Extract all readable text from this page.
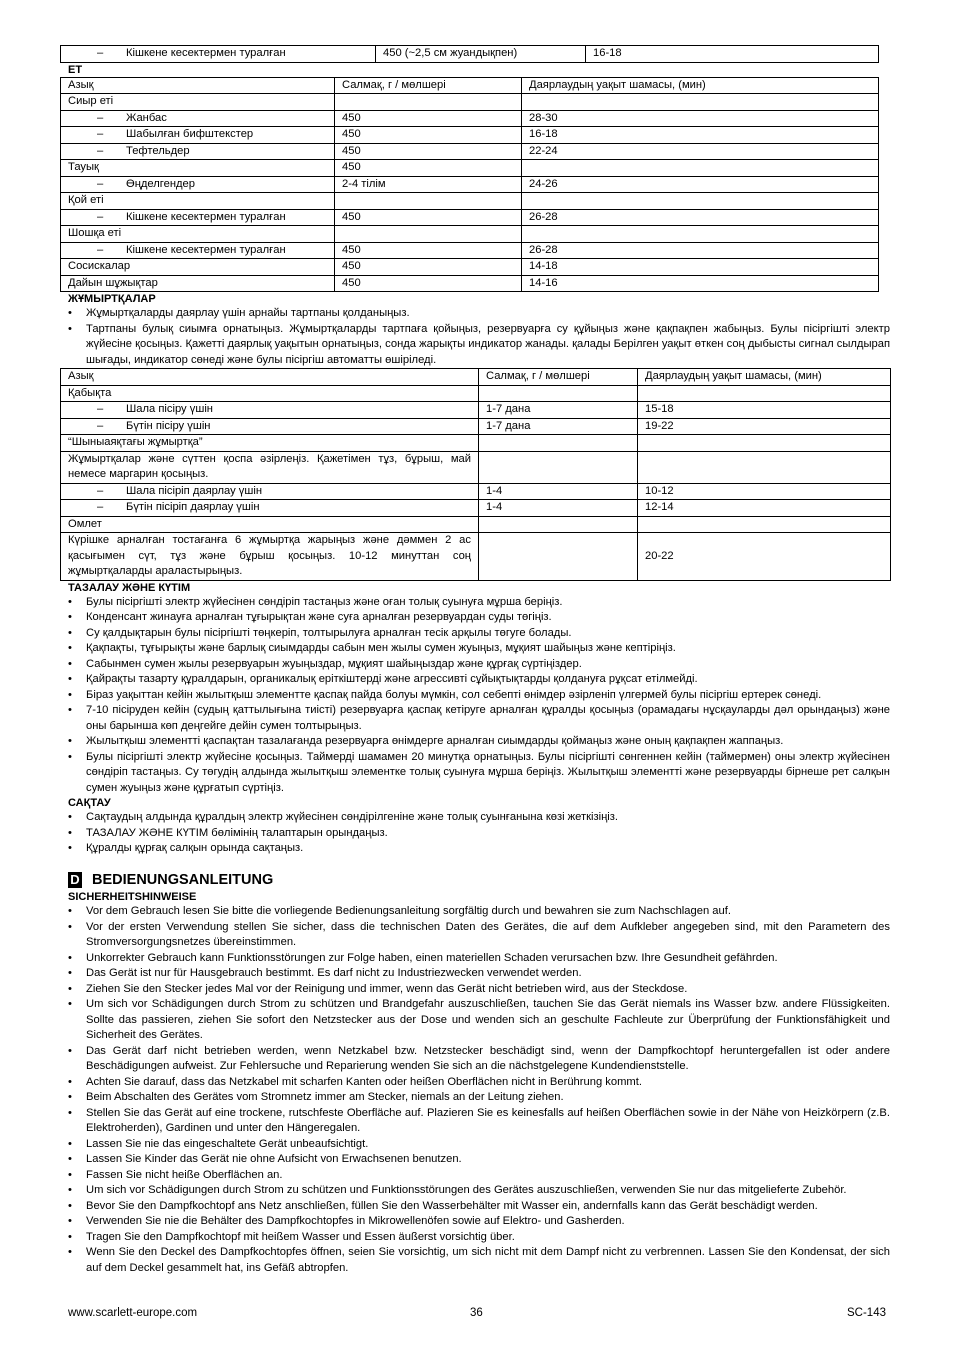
– Кішкене кесектермен туралған	450 (~2,5 см жуандықпен)	16-18

ЕТ

Азық	Салмақ, г / мөлшері	Даярлаудың уақыт шамасы, (мин)
Сиыр еті		
– Жанбас	450	28-30
– Шабылған бифштекстер	450	16-18
– Тефтельдер	450	22-24
Тауық	450	
– Өңделгендер	2-4 тілім	24-26
Қой еті		
– Кішкене кесектермен туралған	450	26-28
Шошқа еті		
– Кішкене кесектермен туралған	450	26-28
Сосискалар	450	14-18
Дайын шұжықтар	450	14-16

ЖҰМЫРТҚАЛАР

• Жұмыртқаларды даярлау үшін арнайы тартпаны қолданыңыз.
• Тартпаны булық сиымға орнатыңыз. Жұмыртқаларды тартпаға қойыңыз, резервуарға су құйыңыз және қақпақпен жабыңыз. Булы пісіргішті электр жүйесіне қосыңыз. Қажетті даярлық уақытын орнатыңыз, сонда жарықты индикатор жанады. қалады Берілген уақыт өткен соң дыбысты сигнал сылдырап шығады, индикатор сөнеді және булы пісіргіш автоматты өшіріледі.
Азық	Салмақ, г / мөлшері	Даярлаудың уақыт шамасы, (мин)
Қабықта		
– Шала пісіру үшін	1-7 дана	15-18
– Бүтін пісіру үшін	1-7 дана	19-22
“Шыныаяқтағы жұмыртқа”		
Жұмыртқалар және сүттен қоспа әзірлеңіз. Қажетімен тұз, бұрыш, май немесе маргарин қосыңыз.		
– Шала пісіріп даярлау үшін	1-4	10-12
– Бүтін пісіріп даярлау үшін	1-4	12-14
Омлет		
Күрішке арналған тостағанға 6 жұмыртқа жарыңыз және дәммен 2 ас қасығымен сүт, тұз және бұрыш қосыңыз. 10-12 минуттан соң жұмыртқаларды араластырыңыз.		20-22

ТАЗАЛАУ ЖӘНЕ КҮТІМ

• Булы пісіргішті электр жүйесінен сөндіріп тастаңыз және оған толық суынуға мұрша беріңіз.
• Конденсант жинауға арналған тұғырықтан және суға арналған резервуардан суды төгіңіз.
• Су қалдықтарын булы пісіргішті төңкеріп, толтырылуға арналған тесік арқылы төгуге болады.
• Қақпақты, тұғырықты және барлық сиымдарды сабын мен жылы сумен жуыңыз, мұқият шайыңыз және кептіріңіз.
• Сабынмен сумен жылы резервуарын жуыңыздар, мұқият шайыңыздар және құрғақ сүртіңіздер.
• Қайрақты тазарту құралдарын, органикалық еріткіштерді және агрессивті сұйықтықтарды қолдануға рұқсат етілмейді.
• Біраз уақыттан кейін жылытқыш элементте қаспақ пайда болуы мүмкін, сол себепті өнімдер әзірленіп үлгермей булы пісіргіш ертерек сөнеді.
• 7-10 пісіруден кейін (судың қаттылығына тиісті) резервуарға қаспақ кетіруге арналған құралды қосыңыз (орамадағы нұсқауларды дәл орындаңыз) және оны барынша көп деңгейге дейін сумен толтырыңыз.
• Жылытқыш элементті қаспақтан тазалағанда резервуарға өнімдерге арналған сиымдарды қоймаңыз және оның қақпақпен жаппаңыз.
• Булы пісіргішті электр жүйесіне қосыңыз. Таймерді шамамен 20 минутқа орнатыңыз. Булы пісіргішті сөнгеннен кейін (таймермен) оны электр жүйесінен сөндіріп тастаңыз. Су төгудің алдында жылытқыш элементке толық суынуға мұрша беріңіз. Жылытқыш элементті және резервуарды бірнеше рет салқын сумен жуыңыз және құрғатып сүртіңіз.

САҚТАУ

• Сақтаудың алдында құралдың электр жүйесінен сөндірілгеніне және толық суынғанына көзі жеткізіңіз.
• ТАЗАЛАУ ЖӘНЕ КҮТІМ бөлімінің талаптарын орындаңыз.
• Құралды құрғақ салқын орында сақтаңыз.
D BEDIENUNGSANLEITUNG

SICHERHEITSHINWEISE

• Vor dem Gebrauch lesen Sie bitte die vorliegende Bedienungsanleitung sorgfältig durch und bewahren sie zum Nachschlagen auf.
• Vor der ersten Verwendung stellen Sie sicher, dass die technischen Daten des Gerätes, die auf dem Aufkleber angegeben sind, mit den Parametern des Stromversorgungsnetzes übereinstimmen.
• Unkorrekter Gebrauch kann Funktionsstörungen zur Folge haben, einen materiellen Schaden verursachen bzw. Ihre Gesundheit gefährden.
• Das Gerät ist nur für Hausgebrauch bestimmt. Es darf nicht zu Industriezwecken verwendet werden.
• Ziehen Sie den Stecker jedes Mal vor der Reinigung und immer, wenn das Gerät nicht betrieben wird, aus der Steckdose.
• Um sich vor Schädigungen durch Strom zu schützen und Brandgefahr auszuschließen, tauchen Sie das Gerät niemals ins Wasser bzw. andere Flüssigkeiten. Sollte das passieren, ziehen Sie sofort den Netzstecker aus der Dose und wenden sich an geschulte Fachleute zur Überprüfung der Funktionsfähigkeit und Sicherheit des Gerätes.
• Das Gerät darf nicht betrieben werden, wenn Netzkabel bzw. Netzstecker beschädigt sind, wenn der Dampfkochtopf heruntergefallen ist oder andere Beschädigungen aufweist. Zur Fehlersuche und Reparierung wenden Sie sich an die nächstgelegene Kundendienststelle.
• Achten Sie darauf, dass das Netzkabel mit scharfen Kanten oder heißen Oberflächen nicht in Berührung kommt.
• Beim Abschalten des Gerätes vom Stromnetz immer am Stecker, niemals an der Leitung ziehen.
• Stellen Sie das Gerät auf eine trockene, rutschfeste Oberfläche auf. Plazieren Sie es keinesfalls auf heißen Oberflächen sowie in der Nähe von Heizkörpern (z.B. Elektroherden), Gardinen und unter den Hängeregalen.
• Lassen Sie nie das eingeschaltete Gerät unbeaufsichtigt.
• Lassen Sie Kinder das Gerät nie ohne Aufsicht von Erwachsenen benutzen.
• Fassen Sie nicht heiße Oberflächen an.
• Um sich vor Schädigungen durch Strom zu schützen und Funktionsstörungen des Gerätes auszuschließen, verwenden Sie nur das mitgelieferte Zubehör.
• Bevor Sie den Dampfkochtopf ans Netz anschließen, füllen Sie den Wasserbehälter mit Wasser ein, andernfalls kann das Gerät beschädigt werden.
• Verwenden Sie nie die Behälter des Dampfkochtopfes in Mikrowellenöfen sowie auf Elektro- und Gasherden.
• Tragen Sie den Dampfkochtopf mit heißem Wasser und Essen äußerst vorsichtig über.
• Wenn Sie den Deckel des Dampfkochtopfes öffnen, seien Sie vorsichtig, um sich nicht mit dem Dampf nicht zu verbrennen. Lassen Sie den Kondensat, der sich auf dem Deckel gesammelt hat, ins Gefäß abtropfen.
www.scarlett-europe.com	36	SC-143
